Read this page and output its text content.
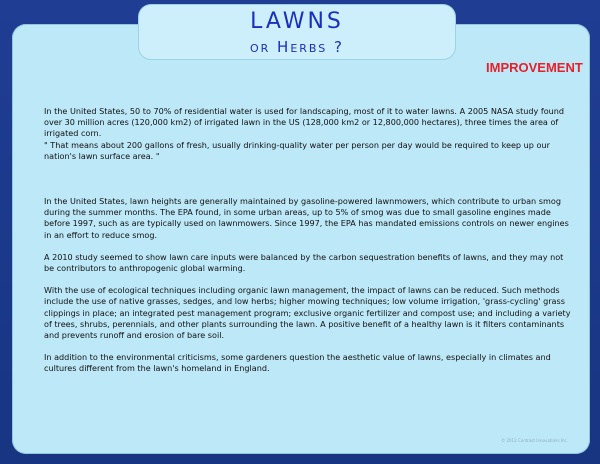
IMPROVEMENT

In the United States, 50 to 70% of residential water is used for landscaping, most of it to water lawns. A 2005 NASA study found over 30 million acres (120,000 km2) of irrigated lawn in the US (128,000 km2 or 12,800,000 hectares), three times the area of irrigated corn.

" That means about 200 gallons of fresh, usually drinking-quality water per person per day would be required to keep up our nation's lawn surface area. "

In the United States, lawn heights are generally maintained by gasoline-powered lawnmowers, which contribute to urban smog during the summer months. The EPA found, in some urban areas, up to 5% of smog was due to small gasoline engines made before 1997, such as are typically used on lawnmowers. Since 1997, the EPA has mandated emissions controls on newer engines in an effort to reduce smog.

A 2010 study seemed to show lawn care inputs were balanced by the carbon sequestration benefits of lawns, and they may not be contributors to anthropogenic global warming.

With the use of ecological techniques including organic lawn management, the impact of lawns can be reduced. Such methods include the use of native grasses, sedges, and low herbs; higher mowing techniques; low volume irrigation, 'grass-cycling' grass clippings in place; an integrated pest management program; exclusive organic fertilizer and compost use; and including a variety of trees, shrubs, perennials, and other plants surrounding the lawn. A positive benefit of a healthy lawn is it filters contaminants and prevents runoff and erosion of bare soil.

In addition to the environmental criticisms, some gardeners question the aesthetic value of lawns, especially in climates and cultures different from the lawn's homeland in England.

© 2012 Contrast Innovations Inc.
LAWNS
or Herbs ?
